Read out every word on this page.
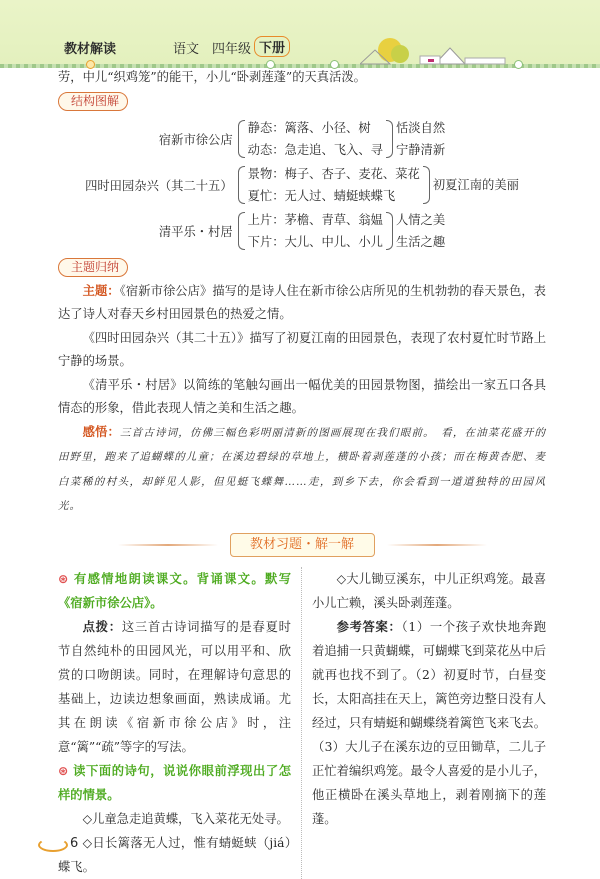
教材解读	语文　四年级 下册
劳，中儿“织鸡笼”的能干，小儿“卧剥莲蓬”的天真活泼。
结构图解
宿新市徐公店
静态：篱落、小径、树
动态：急走追、飞入、寻
恬淡自然
宁静清新
四时田园杂兴（其二十五）
景物：梅子、杏子、麦花、菜花
夏忙：无人过、蜻蜓蛱蝶飞
初夏江南的美丽
清平乐・村居
上片：茅檐、青草、翁媪
下片：大儿、中儿、小儿
人情之美
生活之趣
主题归纳
主题：《宿新市徐公店》描写的是诗人住在新市徐公店所见的生机勃勃的春天景色，表达了诗人对春天乡村田园景色的热爱之情。
《四时田园杂兴（其二十五）》描写了初夏江南的田园景色，表现了农村夏忙时节路上宁静的场景。
《清平乐・村居》以简练的笔触勾画出一幅优美的田园景物图，描绘出一家五口各具情态的形象，借此表现人情之美和生活之趣。
感悟：三首古诗词，仿佛三幅色彩明丽清新的图画展现在我们眼前。　看，在油菜花盛开的田野里，跑来了追蝴蝶的儿童；在溪边碧绿的草地上，横卧着剥莲蓬的小孩；而在梅黄杏肥、麦白菜稀的村头，却鲜见人影，但见蜓飞蝶舞……走，到乡下去，你会看到一道道独特的田园风光。
教材习题・解一解
⊛ 有感情地朗读课文。背诵课文。默写《宿新市徐公店》。
点拨：这三首古诗词描写的是春夏时节自然纯朴的田园风光，可以用平和、欣赏的口吻朗读。同时，在理解诗句意思的基础上，边读边想象画面，熟读成诵。尤其在朗读《宿新市徐公店》时，注意“篱”“疏”等字的写法。
⊛ 读下面的诗句，说说你眼前浮现出了怎样的情景。
◇儿童急走追黄蝶，飞入菜花无处寻。
◇日长篱落无人过，惟有蜻蜓蛱（jiá）蝶飞。
◇大儿锄豆溪东，中儿正织鸡笼。最喜小儿亡赖，溪头卧剥莲蓬。
参考答案：（1）一个孩子欢快地奔跑着追捕一只黄蝴蝶，可蝴蝶飞到菜花丛中后就再也找不到了。（2）初夏时节，白昼变长，太阳高挂在天上，篱笆旁边整日没有人经过，只有蜻蜓和蝴蝶绕着篱笆飞来飞去。（3）大儿子在溪东边的豆田锄草，二儿子正忙着编织鸡笼。最令人喜爱的是小儿子，他正横卧在溪头草地上，剥着刚摘下的莲蓬。
6
